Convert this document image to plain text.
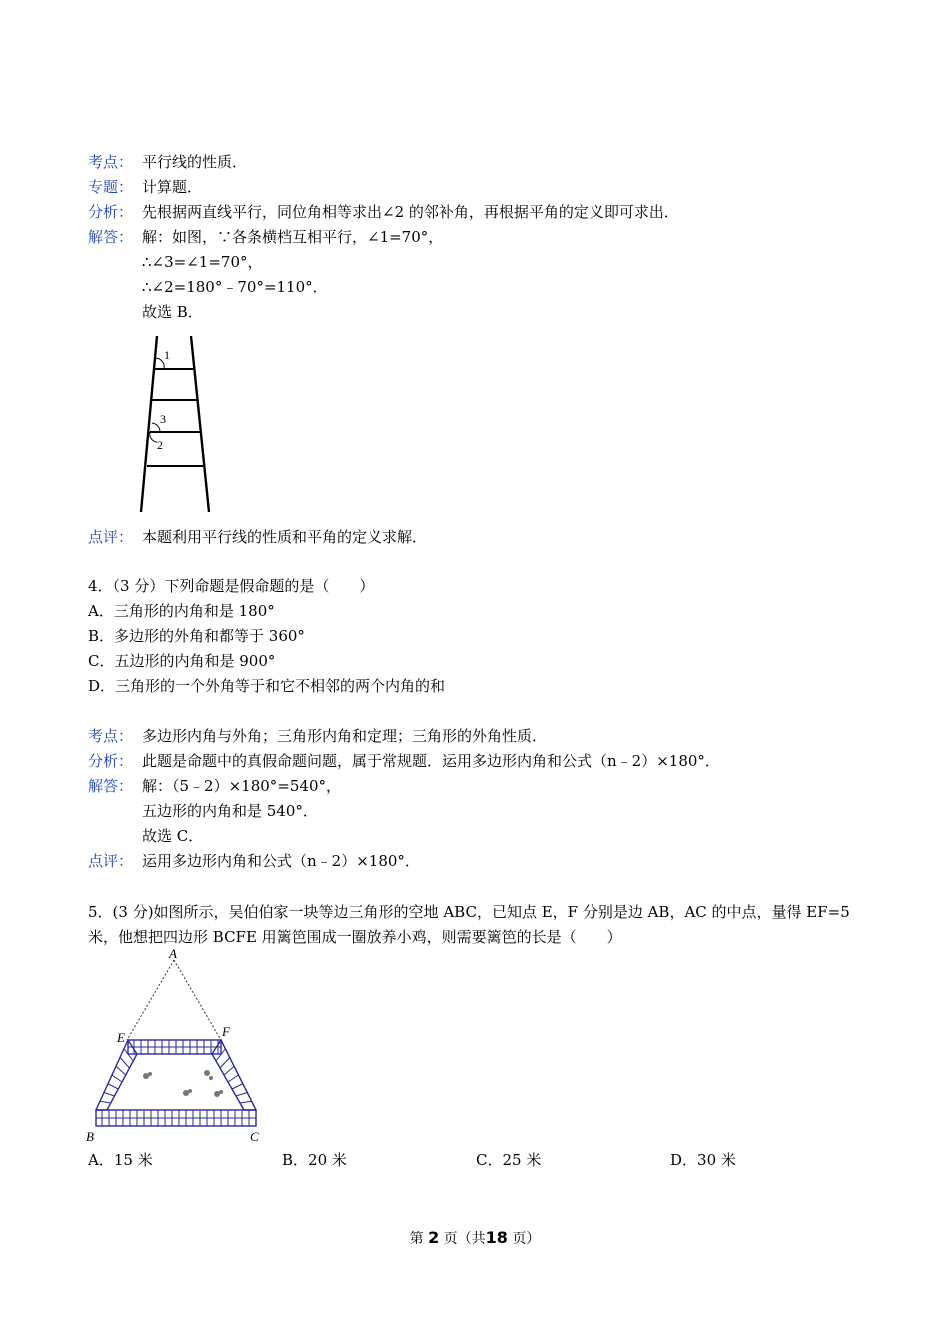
考点： 平行线的性质．
专题： 计算题．
分析： 先根据两直线平行，同位角相等求出∠2 的邻补角，再根据平角的定义即可求出．
解答： 解：如图，∵各条横档互相平行，∠1=70°，
∴∠3=∠1=70°，
∴∠2=180°﹣70°=110°．
故选 B．
1
3
2
点评： 本题利用平行线的性质和平角的定义求解．
4．（3 分）下列命题是假命题的是（　　）
A．三角形的内角和是 180°
B．多边形的外角和都等于 360°
C．五边形的内角和是 900°
D．三角形的一个外角等于和它不相邻的两个内角的和
考点： 多边形内角与外角；三角形内角和定理；三角形的外角性质．
分析： 此题是命题中的真假命题问题，属于常规题．运用多边形内角和公式（n﹣2）×180°．
解答： 解：（5﹣2）×180°=540°，
五边形的内角和是 540°．
故选 C．
点评： 运用多边形内角和公式（n﹣2）×180°．
5．(3 分)如图所示，吴伯伯家一块等边三角形的空地 ABC，已知点 E，F 分别是边 AB，AC 的中点，量得 EF=5
米，他想把四边形 BCFE 用篱笆围成一圈放养小鸡，则需要篱笆的长是（　　）
A
E	F
B	C
A．15 米	B．20 米	C．25 米	D．30 米
第 2 页（共18 页）
